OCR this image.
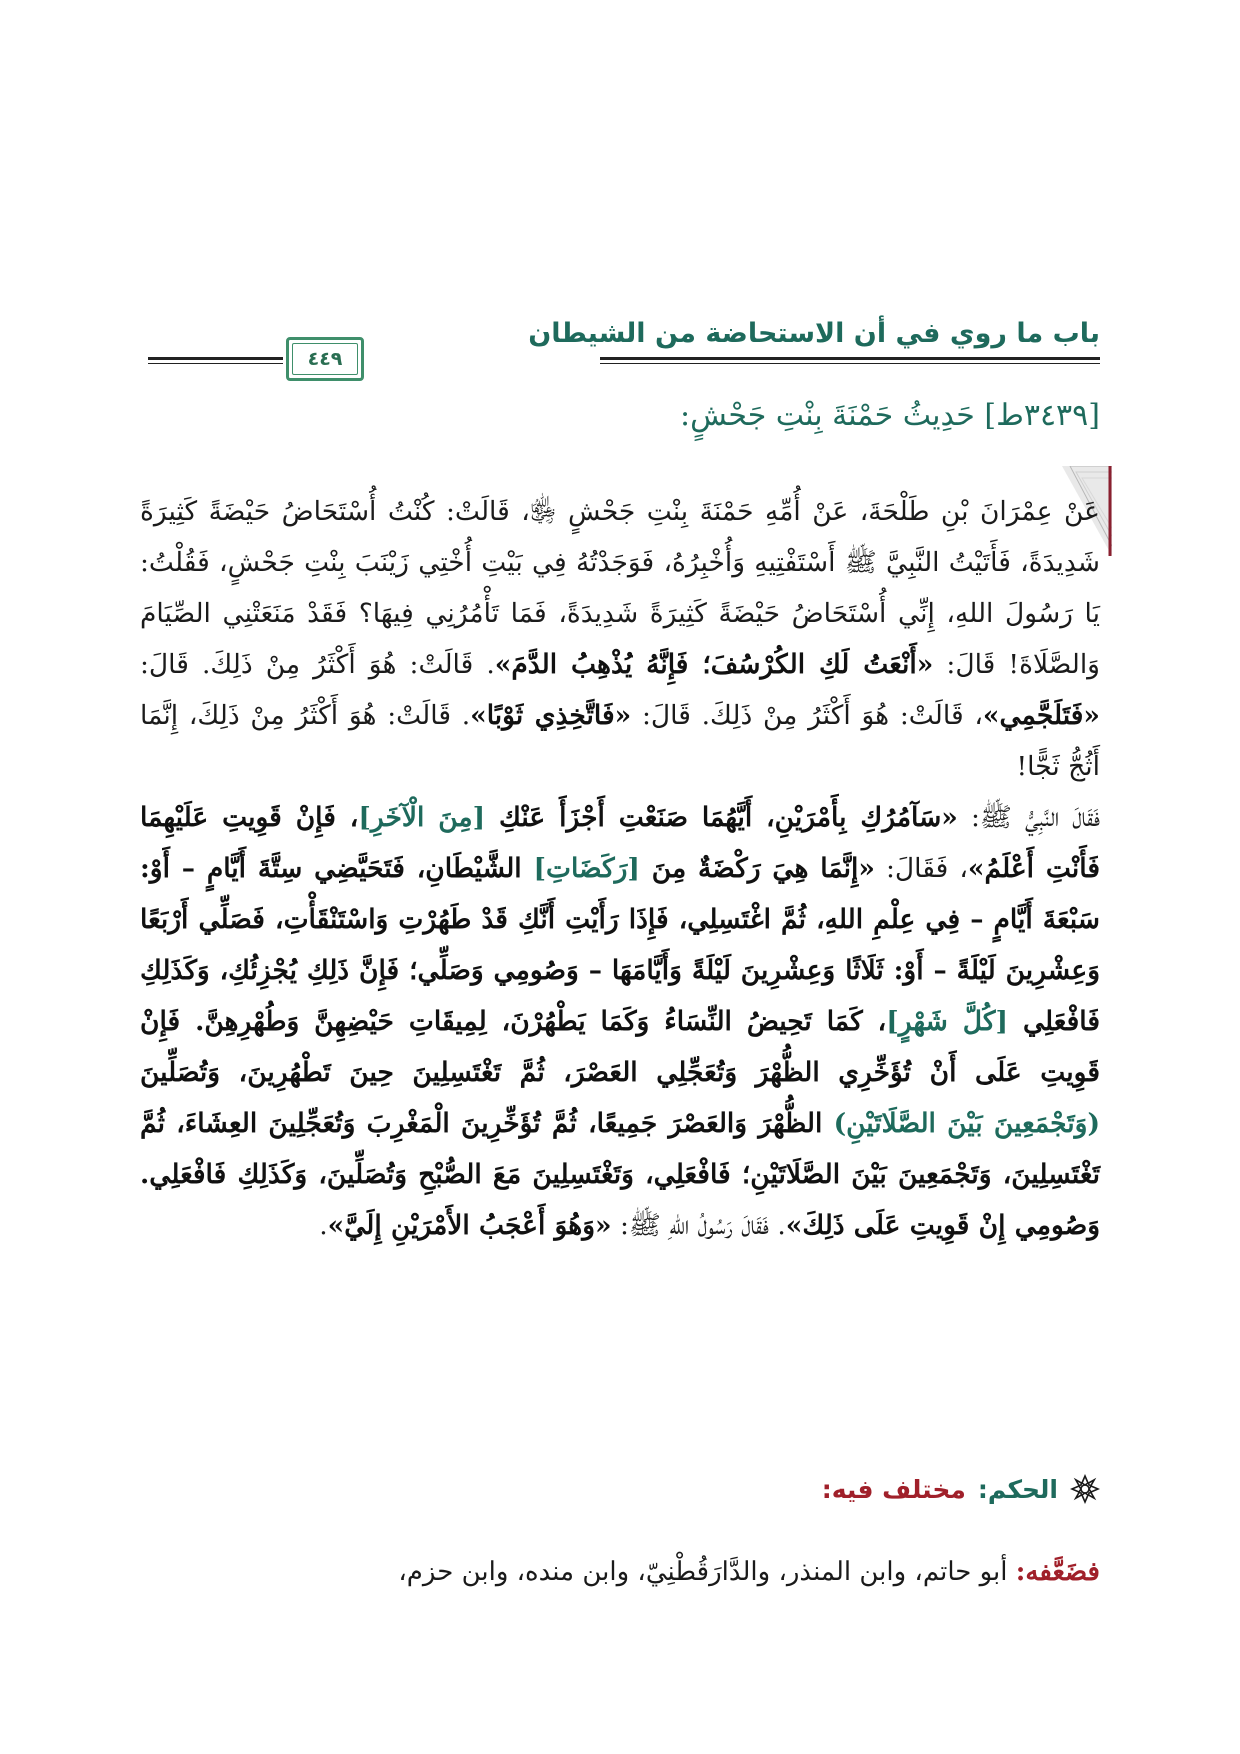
باب ما روي في أن الاستحاضة من الشيطان
٤٤٩
[٣٤٣٩ط] حَدِيثُ حَمْنَةَ بِنْتِ جَحْشٍ:

عَنْ عِمْرَانَ بْنِ طَلْحَةَ، عَنْ أُمِّهِ حَمْنَةَ بِنْتِ جَحْشٍ ﵂، قَالَتْ: كُنْتُ أُسْتَحَاضُ حَيْضَةً كَثِيرَةً شَدِيدَةً، فَأَتَيْتُ النَّبِيَّ ﷺ أَسْتَفْتِيهِ وَأُخْبِرُهُ، فَوَجَدْتُهُ فِي بَيْتِ أُخْتِي زَيْنَبَ بِنْتِ جَحْشٍ، فَقُلْتُ: يَا رَسُولَ اللهِ، إِنِّي أُسْتَحَاضُ حَيْضَةً كَثِيرَةً شَدِيدَةً، فَمَا تَأْمُرُنِي فِيهَا؟ فَقَدْ مَنَعَتْنِي الصِّيَامَ وَالصَّلَاةَ! قَالَ: «أَنْعَتُ لَكِ الكُرْسُفَ؛ فَإِنَّهُ يُذْهِبُ الدَّمَ». قَالَتْ: هُوَ أَكْثَرُ مِنْ ذَلِكَ. قَالَ: «فَتَلَجَّمِي»، قَالَتْ: هُوَ أَكْثَرُ مِنْ ذَلِكَ. قَالَ: «فَاتَّخِذِي ثَوْبًا». قَالَتْ: هُوَ أَكْثَرُ مِنْ ذَلِكَ، إِنَّمَا أَثُجُّ ثَجًّا!

فَقَالَ النَّبِيُّ ﷺ: «سَآمُرُكِ بِأَمْرَيْنِ، أَيَّهُمَا صَنَعْتِ أَجْزَأَ عَنْكِ [مِنَ الْآخَرِ]، فَإِنْ قَوِيتِ عَلَيْهِمَا فَأَنْتِ أَعْلَمُ»، فَقَالَ: «إِنَّمَا هِيَ رَكْضَةٌ مِنَ [رَكَضَاتِ] الشَّيْطَانِ، فَتَحَيَّضِي سِتَّةَ أَيَّامٍ – أَوْ: سَبْعَةَ أَيَّامٍ – فِي عِلْمِ اللهِ، ثُمَّ اغْتَسِلِي، فَإِذَا رَأَيْتِ أَنَّكِ قَدْ طَهُرْتِ وَاسْتَنْقَأْتِ، فَصَلِّي أَرْبَعًا وَعِشْرِينَ لَيْلَةً – أَوْ: ثَلَاثًا وَعِشْرِينَ لَيْلَةً وَأَيَّامَهَا – وَصُومِي وَصَلِّي؛ فَإِنَّ ذَلِكِ يُجْزِئُكِ، وَكَذَلِكِ فَافْعَلِي [كُلَّ شَهْرٍ]، كَمَا تَحِيضُ النِّسَاءُ وَكَمَا يَطْهُرْنَ، لِمِيقَاتِ حَيْضِهِنَّ وَطُهْرِهِنَّ. فَإِنْ قَوِيتِ عَلَى أَنْ تُؤَخِّرِي الظُّهْرَ وَتُعَجِّلِي العَصْرَ، ثُمَّ تَغْتَسِلِينَ حِينَ تَطْهُرِينَ، وَتُصَلِّينَ (وَتَجْمَعِينَ بَيْنَ الصَّلَاتَيْنِ) الظُّهْرَ وَالعَصْرَ جَمِيعًا، ثُمَّ تُؤَخِّرِينَ الْمَغْرِبَ وَتُعَجِّلِينَ العِشَاءَ، ثُمَّ تَغْتَسِلِينَ، وَتَجْمَعِينَ بَيْنَ الصَّلَاتَيْنِ؛ فَافْعَلِي، وَتَغْتَسِلِينَ مَعَ الصُّبْحِ وَتُصَلِّينَ، وَكَذَلِكِ فَافْعَلِي. وَصُومِي إِنْ قَوِيتِ عَلَى ذَلِكَ». فَقَالَ رَسُولُ اللهِ ﷺ: «وَهُوَ أَعْجَبُ الأَمْرَيْنِ إِلَيَّ».

الحكم:
مختلف فيه:
فضَعَّفه: أبو حاتم، وابن المنذر، والدَّارَقُطْنِيّ، وابن منده، وابن حزم،
